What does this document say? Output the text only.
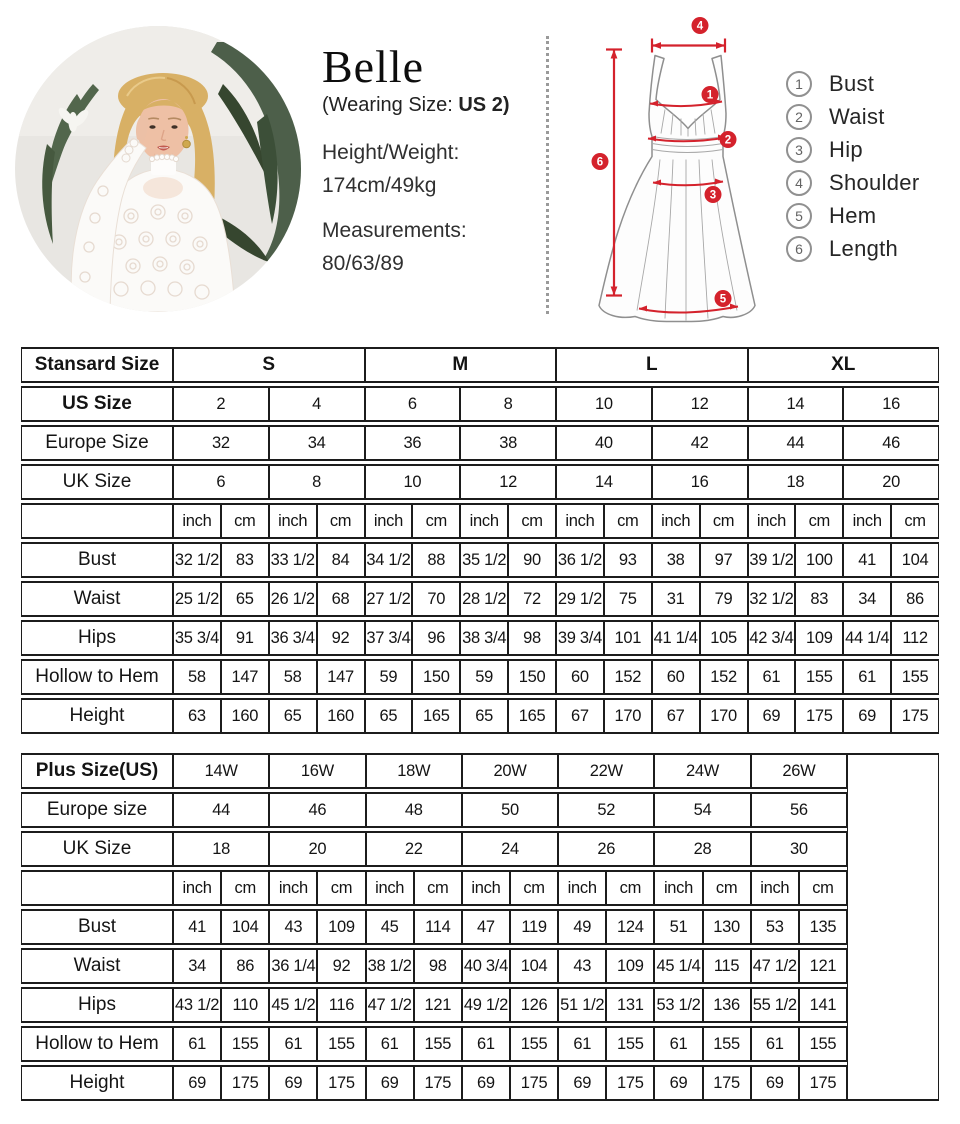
Belle
(Wearing Size: US 2)
Height/Weight:
174cm/49kg
Measurements:
80/63/89
4
6
1
2
3
5
1	Bust
2	Waist
3	Hip
4	Shoulder
5	Hem
6	Length
Stansard Size	S				M				L				XL			
US Size	2		4		6		8		10		12		14		16	
Europe Size	32		34		36		38		40		42		44		46	
UK Size	6		8		10		12		14		16		18		20	
	inch	cm	inch	cm	inch	cm	inch	cm	inch	cm	inch	cm	inch	cm	inch	cm
Bust	32 1/2	83	33 1/2	84	34 1/2	88	35 1/2	90	36 1/2	93	38	97	39 1/2	100	41	104
Waist	25 1/2	65	26 1/2	68	27 1/2	70	28 1/2	72	29 1/2	75	31	79	32 1/2	83	34	86
Hips	35 3/4	91	36 3/4	92	37 3/4	96	38 3/4	98	39 3/4	101	41 1/4	105	42 3/4	109	44 1/4	112
Hollow to Hem	58	147	58	147	59	150	59	150	60	152	60	152	61	155	61	155
Height	63	160	65	160	65	165	65	165	67	170	67	170	69	175	69	175
Plus Size(US)	14W		16W		18W		20W		22W		24W		26W		
Europe size	44		46		48		50		52		54		56		
UK Size	18		20		22		24		26		28		30		
	inch	cm	inch	cm	inch	cm	inch	cm	inch	cm	inch	cm	inch	cm	
Bust	41	104	43	109	45	114	47	119	49	124	51	130	53	135	
Waist	34	86	36 1/4	92	38 1/2	98	40 3/4	104	43	109	45 1/4	115	47 1/2	121	
Hips	43 1/2	110	45 1/2	116	47 1/2	121	49 1/2	126	51 1/2	131	53 1/2	136	55 1/2	141	
Hollow to Hem	61	155	61	155	61	155	61	155	61	155	61	155	61	155	
Height	69	175	69	175	69	175	69	175	69	175	69	175	69	175	
